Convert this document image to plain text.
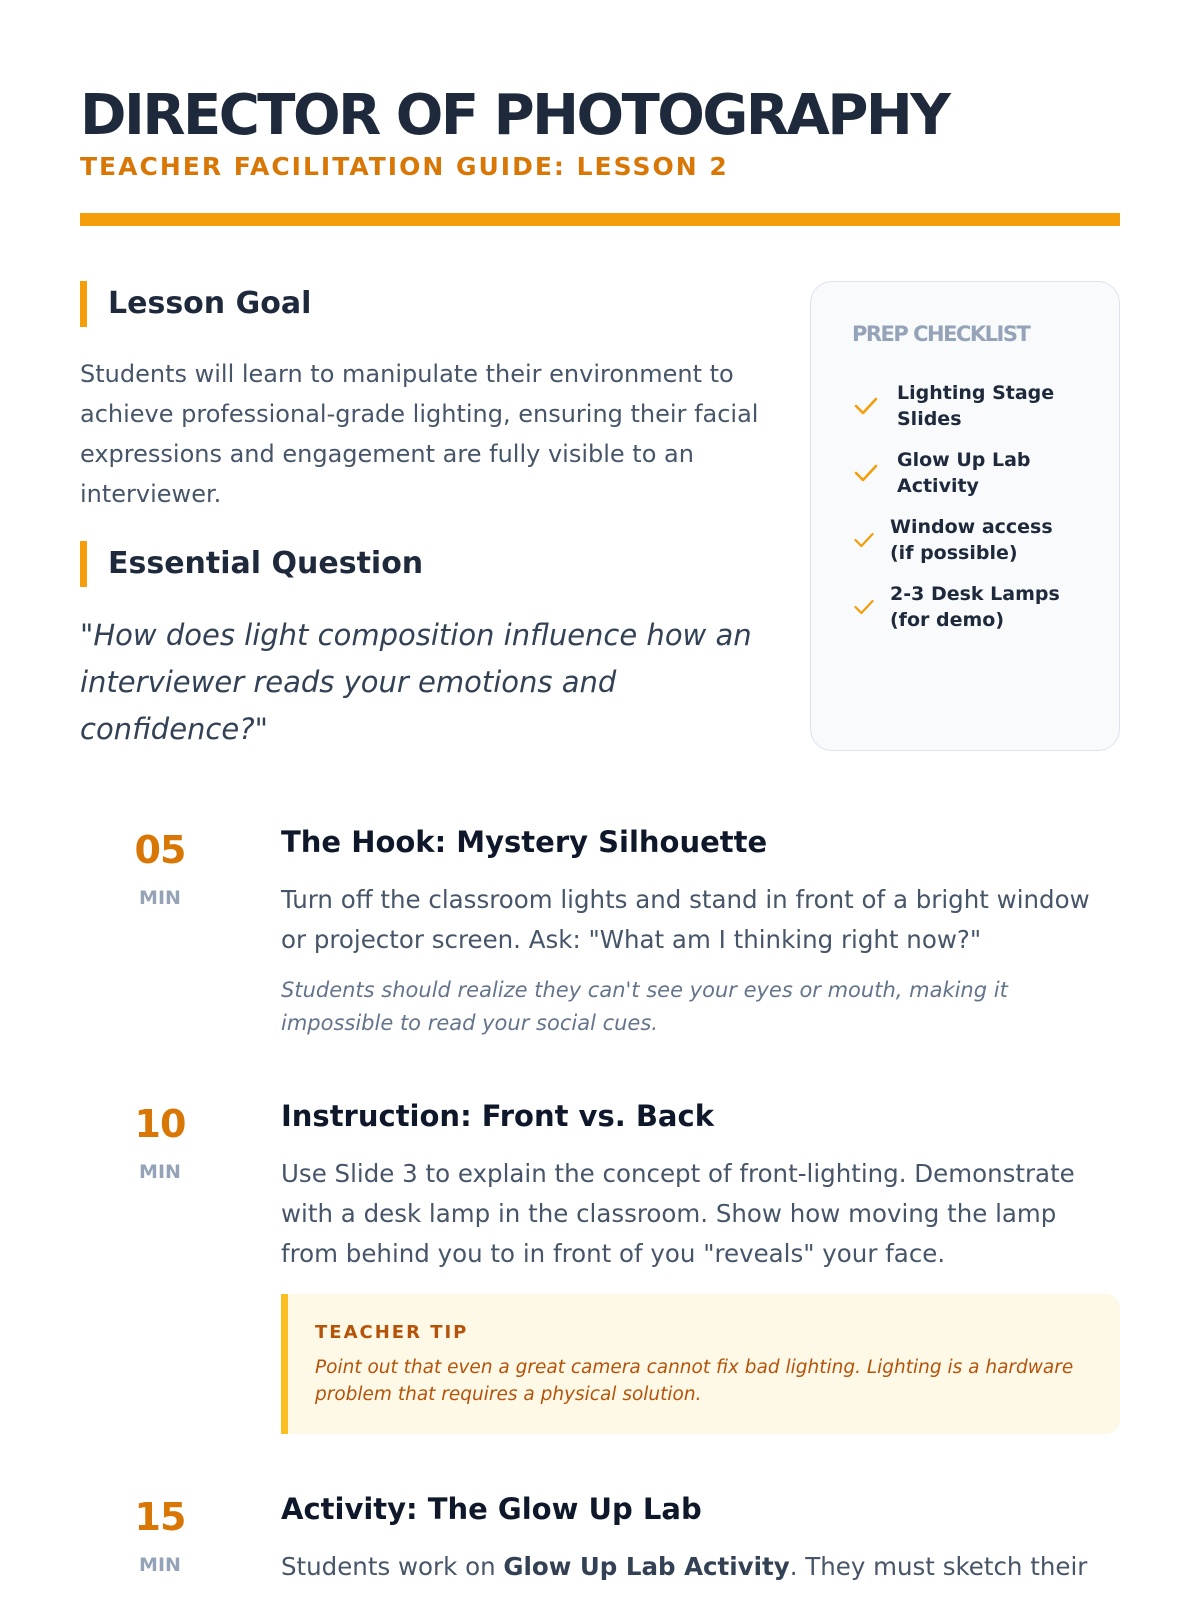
DIRECTOR OF PHOTOGRAPHY
TEACHER FACILITATION GUIDE: LESSON 2
Lesson Goal

Students will learn to manipulate their environment to achieve professional-grade lighting, ensuring their facial expressions and engagement are fully visible to an interviewer.

Essential Question

"How does light composition influence how an interviewer reads your emotions and confidence?"

PREP CHECKLIST
Lighting Stage Slides
Glow Up Lab Activity
Window access (if possible)
2-3 Desk Lamps (for demo)
05
MIN
The Hook: Mystery Silhouette

Turn off the classroom lights and stand in front of a bright window or projector screen. Ask: "What am I thinking right now?"

Students should realize they can't see your eyes or mouth, making it impossible to read your social cues.

10
MIN
Instruction: Front vs. Back

Use Slide 3 to explain the concept of front-lighting. Demonstrate with a desk lamp in the classroom. Show how moving the lamp from behind you to in front of you "reveals" your face.

TEACHER TIP

Point out that even a great camera cannot fix bad lighting. Lighting is a hardware problem that requires a physical solution.

15
MIN
Activity: The Glow Up Lab

Students work on Glow Up Lab Activity. They must sketch their
